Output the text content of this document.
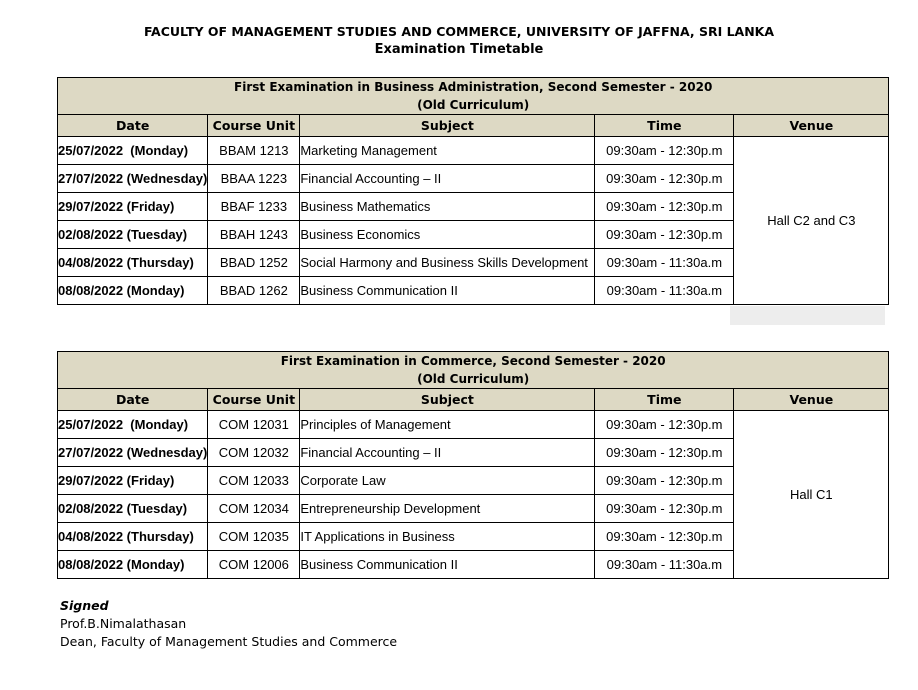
FACULTY OF MANAGEMENT STUDIES AND COMMERCE, UNIVERSITY OF JAFFNA, SRI LANKA
Examination Timetable
First Examination in Business Administration, Second Semester - 2020
(Old Curriculum)				

Date	Course Unit	Subject	Time	Venue
25/07/2022  (Monday)	BBAM 1213	Marketing Management	09:30am - 12:30p.m	Hall C2 and C3
27/07/2022 (Wednesday)	BBAA 1223	Financial Accounting – II	09:30am - 12:30p.m	
29/07/2022 (Friday)	BBAF 1233	Business Mathematics	09:30am - 12:30p.m	
02/08/2022 (Tuesday)	BBAH 1243	Business Economics	09:30am - 12:30p.m	
04/08/2022 (Thursday)	BBAD 1252	Social Harmony and Business Skills Development	09:30am - 11:30a.m	
08/08/2022 (Monday)	BBAD 1262	Business Communication II	09:30am - 11:30a.m	
First Examination in Commerce, Second Semester - 2020
(Old Curriculum)				

Date	Course Unit	Subject	Time	Venue
25/07/2022  (Monday)	COM 12031	Principles of Management	09:30am - 12:30p.m	Hall C1
27/07/2022 (Wednesday)	COM 12032	Financial Accounting – II	09:30am - 12:30p.m	
29/07/2022 (Friday)	COM 12033	Corporate Law	09:30am - 12:30p.m	
02/08/2022 (Tuesday)	COM 12034	Entrepreneurship Development	09:30am - 12:30p.m	
04/08/2022 (Thursday)	COM 12035	IT Applications in Business	09:30am - 12:30p.m	
08/08/2022 (Monday)	COM 12006	Business Communication II	09:30am - 11:30a.m	
Signed
Prof.B.Nimalathasan
Dean, Faculty of Management Studies and Commerce
